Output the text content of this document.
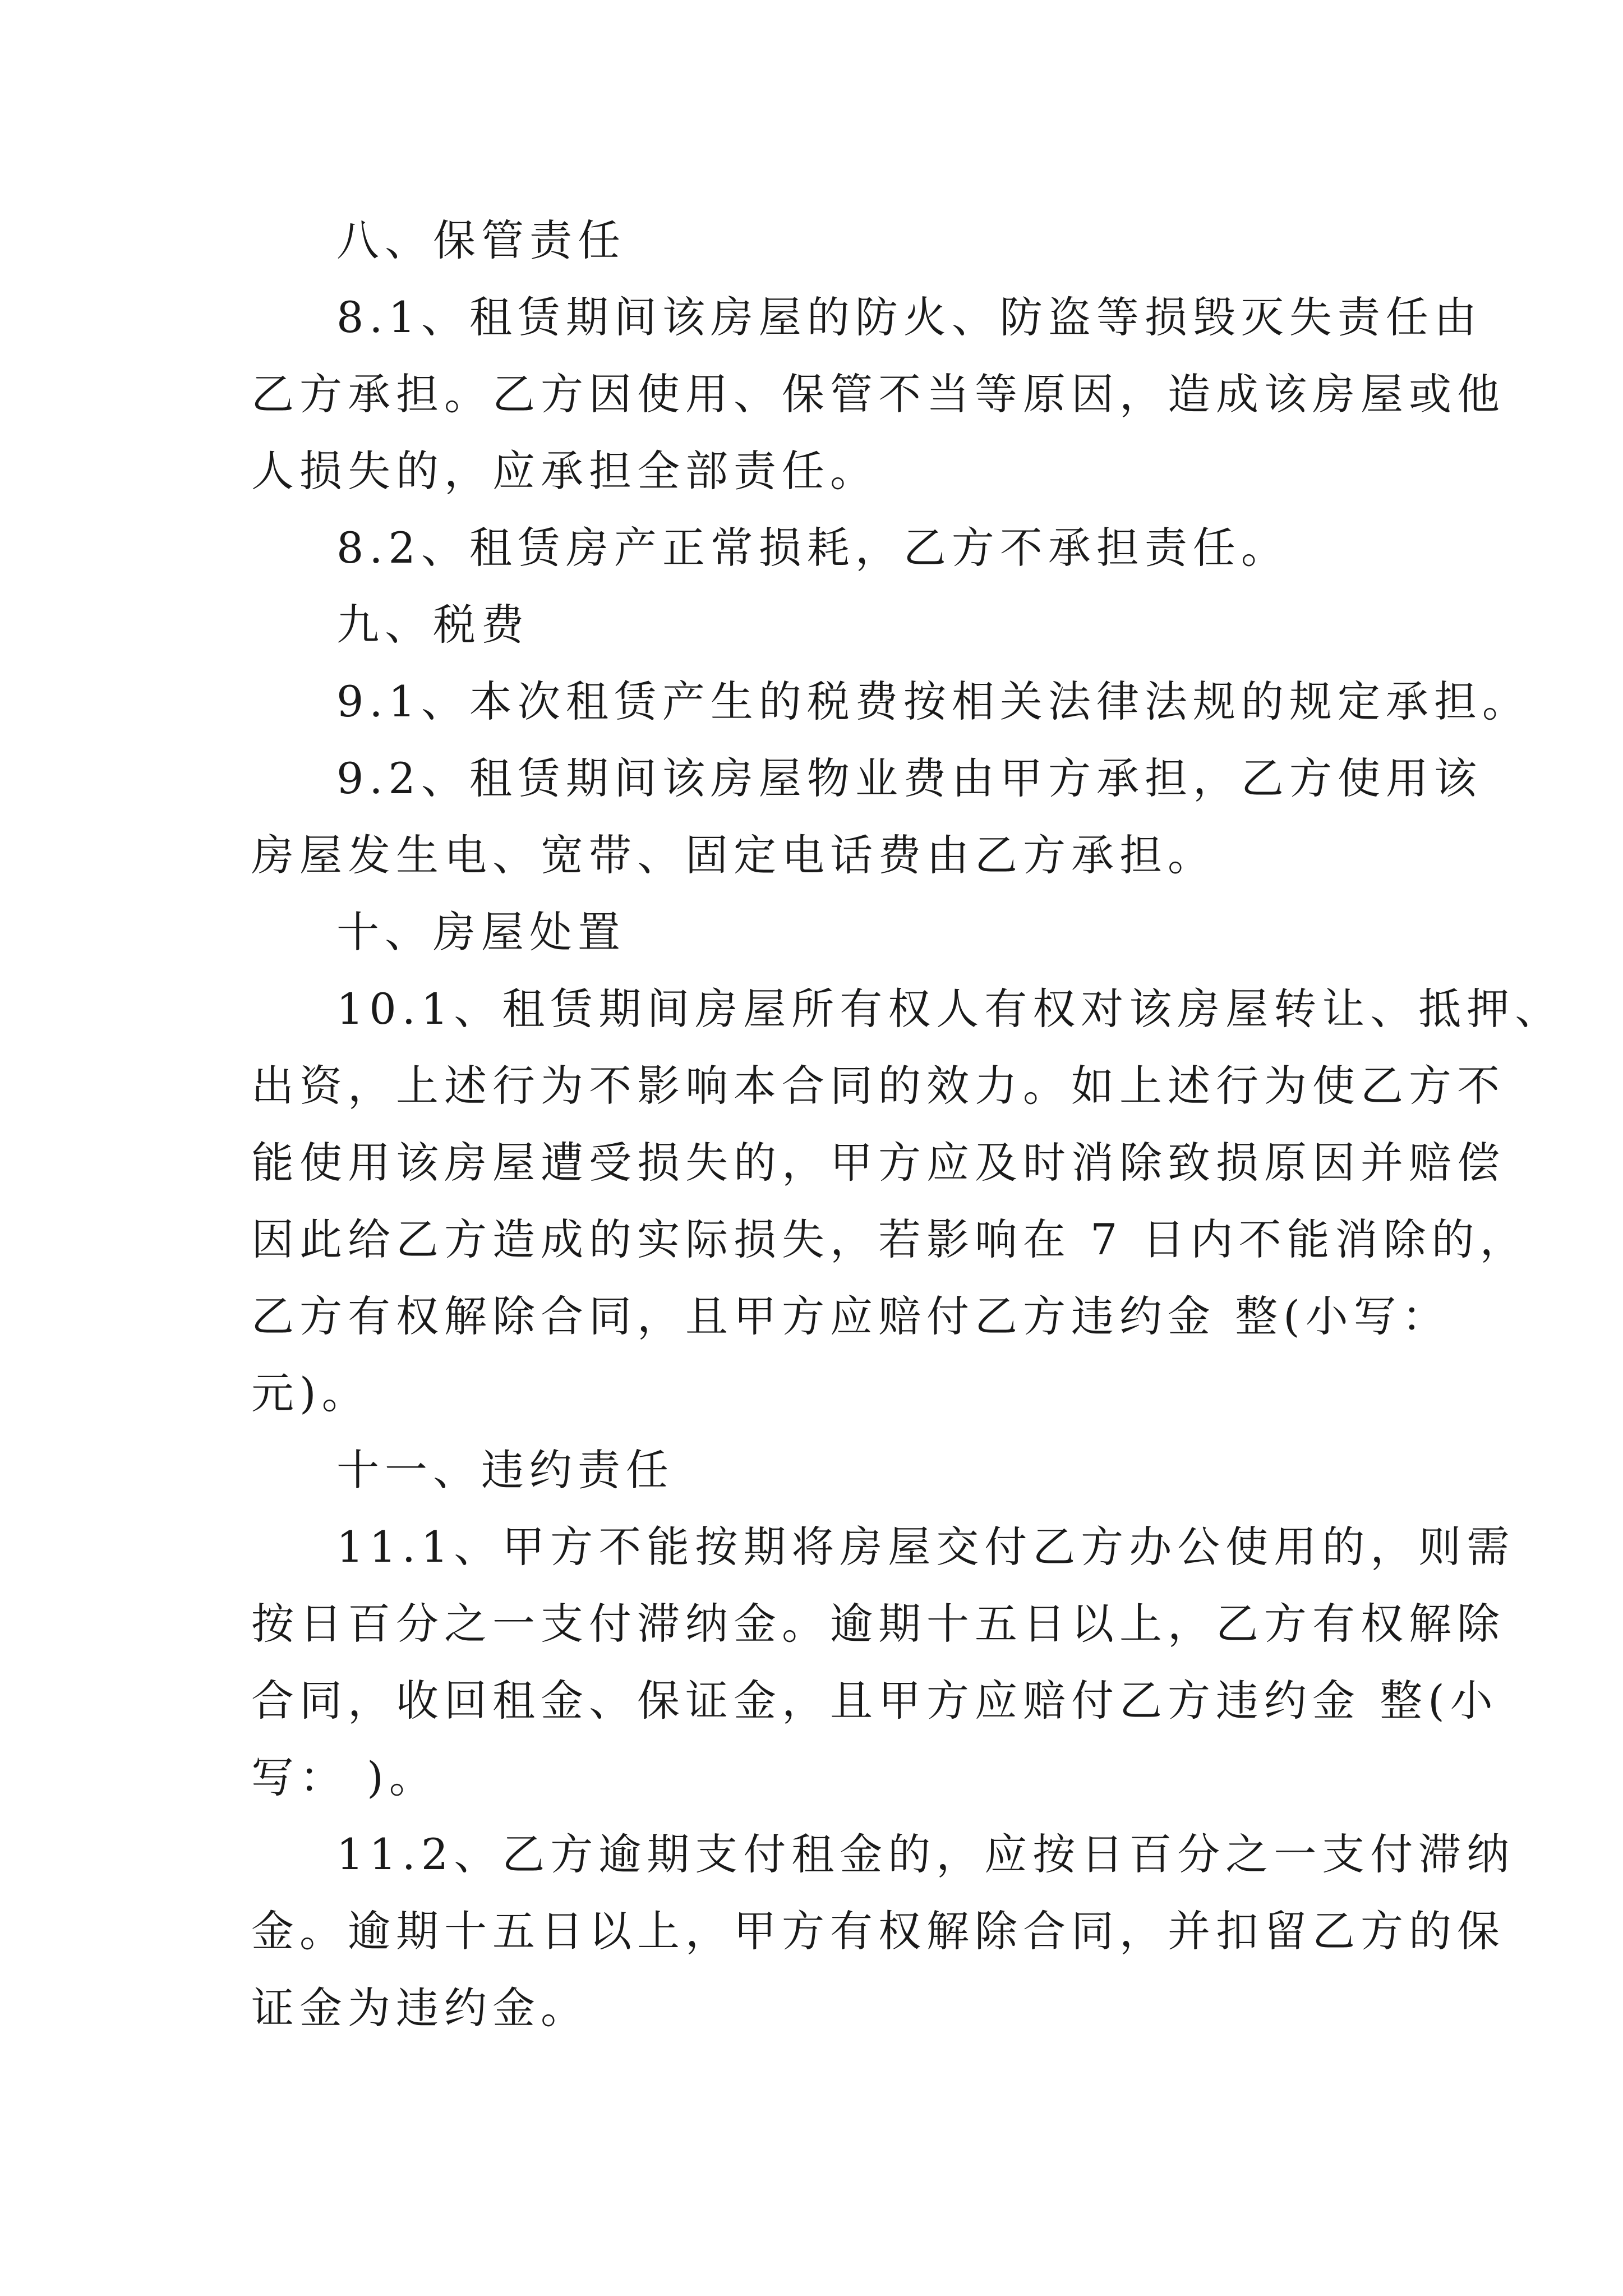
八、保管责任
8.1、租赁期间该房屋的防火、防盗等损毁灭失责任由
乙方承担。乙方因使用、保管不当等原因，造成该房屋或他
人损失的，应承担全部责任。
8.2、租赁房产正常损耗，乙方不承担责任。
九、税费
9.1、本次租赁产生的税费按相关法律法规的规定承担。
9.2、租赁期间该房屋物业费由甲方承担，乙方使用该
房屋发生电、宽带、固定电话费由乙方承担。
十、房屋处置
10.1、租赁期间房屋所有权人有权对该房屋转让、抵押、
出资，上述行为不影响本合同的效力。如上述行为使乙方不
能使用该房屋遭受损失的，甲方应及时消除致损原因并赔偿
因此给乙方造成的实际损失，若影响在 7 日内不能消除的，
乙方有权解除合同，且甲方应赔付乙方违约金 整(小写：
元)。
十一、违约责任
11.1、甲方不能按期将房屋交付乙方办公使用的，则需
按日百分之一支付滞纳金。逾期十五日以上，乙方有权解除
合同，收回租金、保证金，且甲方应赔付乙方违约金 整(小
写： )。
11.2、乙方逾期支付租金的，应按日百分之一支付滞纳
金。逾期十五日以上，甲方有权解除合同，并扣留乙方的保
证金为违约金。
